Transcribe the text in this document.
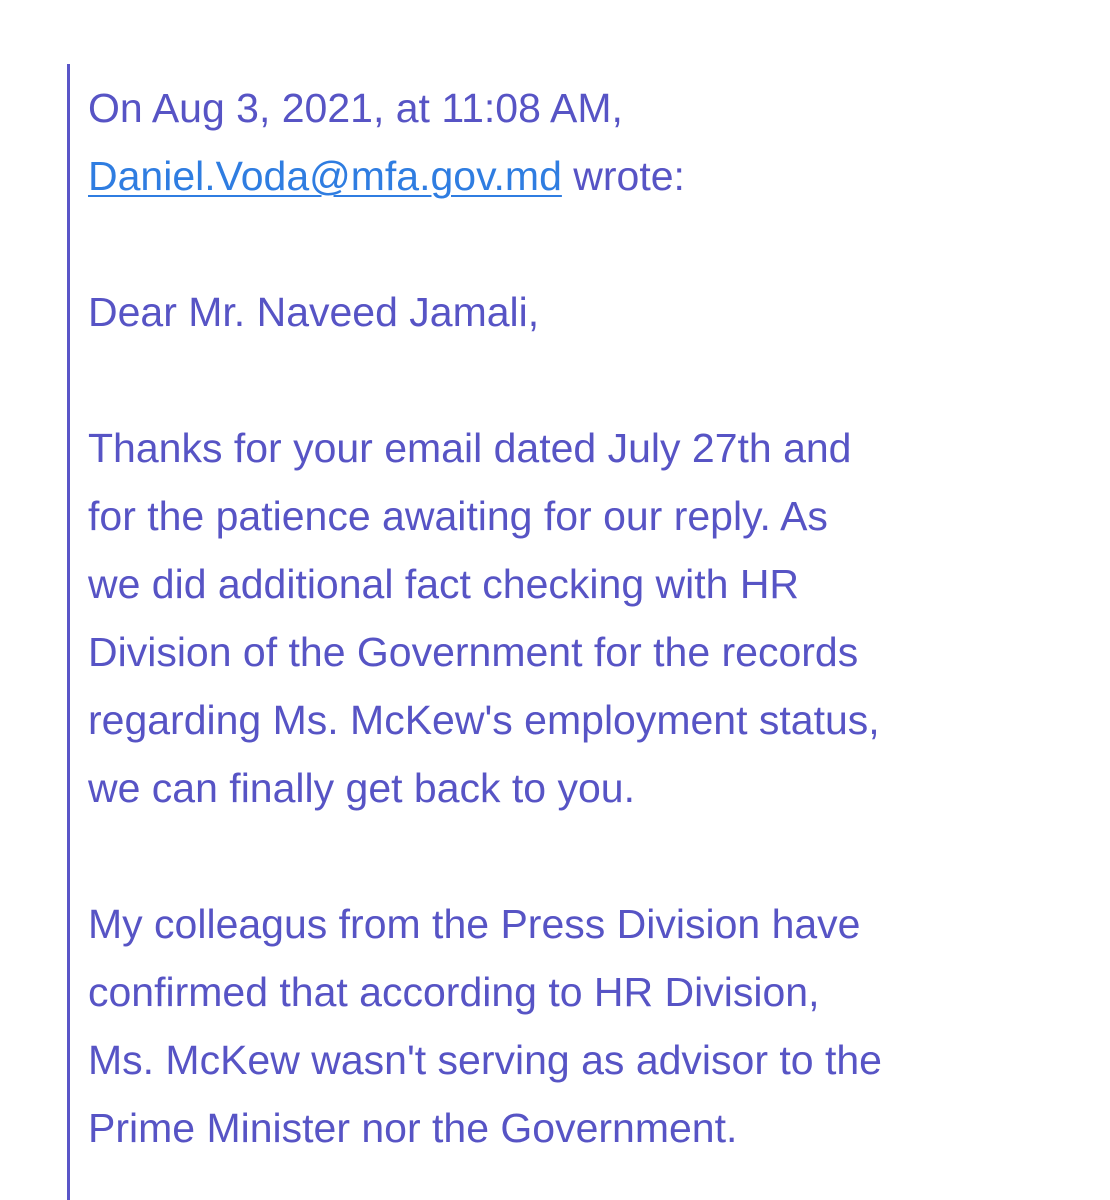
On Aug 3, 2021, at 11:08 AM,
Daniel.Voda@mfa.gov.md wrote:
Dear Mr. Naveed Jamali,
Thanks for your email dated July 27th and
for the patience awaiting for our reply. As
we did additional fact checking with HR
Division of the Government for the records
regarding Ms. McKew's employment status,
we can finally get back to you.
My colleagus from the Press Division have
confirmed that according to HR Division,
Ms. McKew wasn't serving as advisor to the
Prime Minister nor the Government.
